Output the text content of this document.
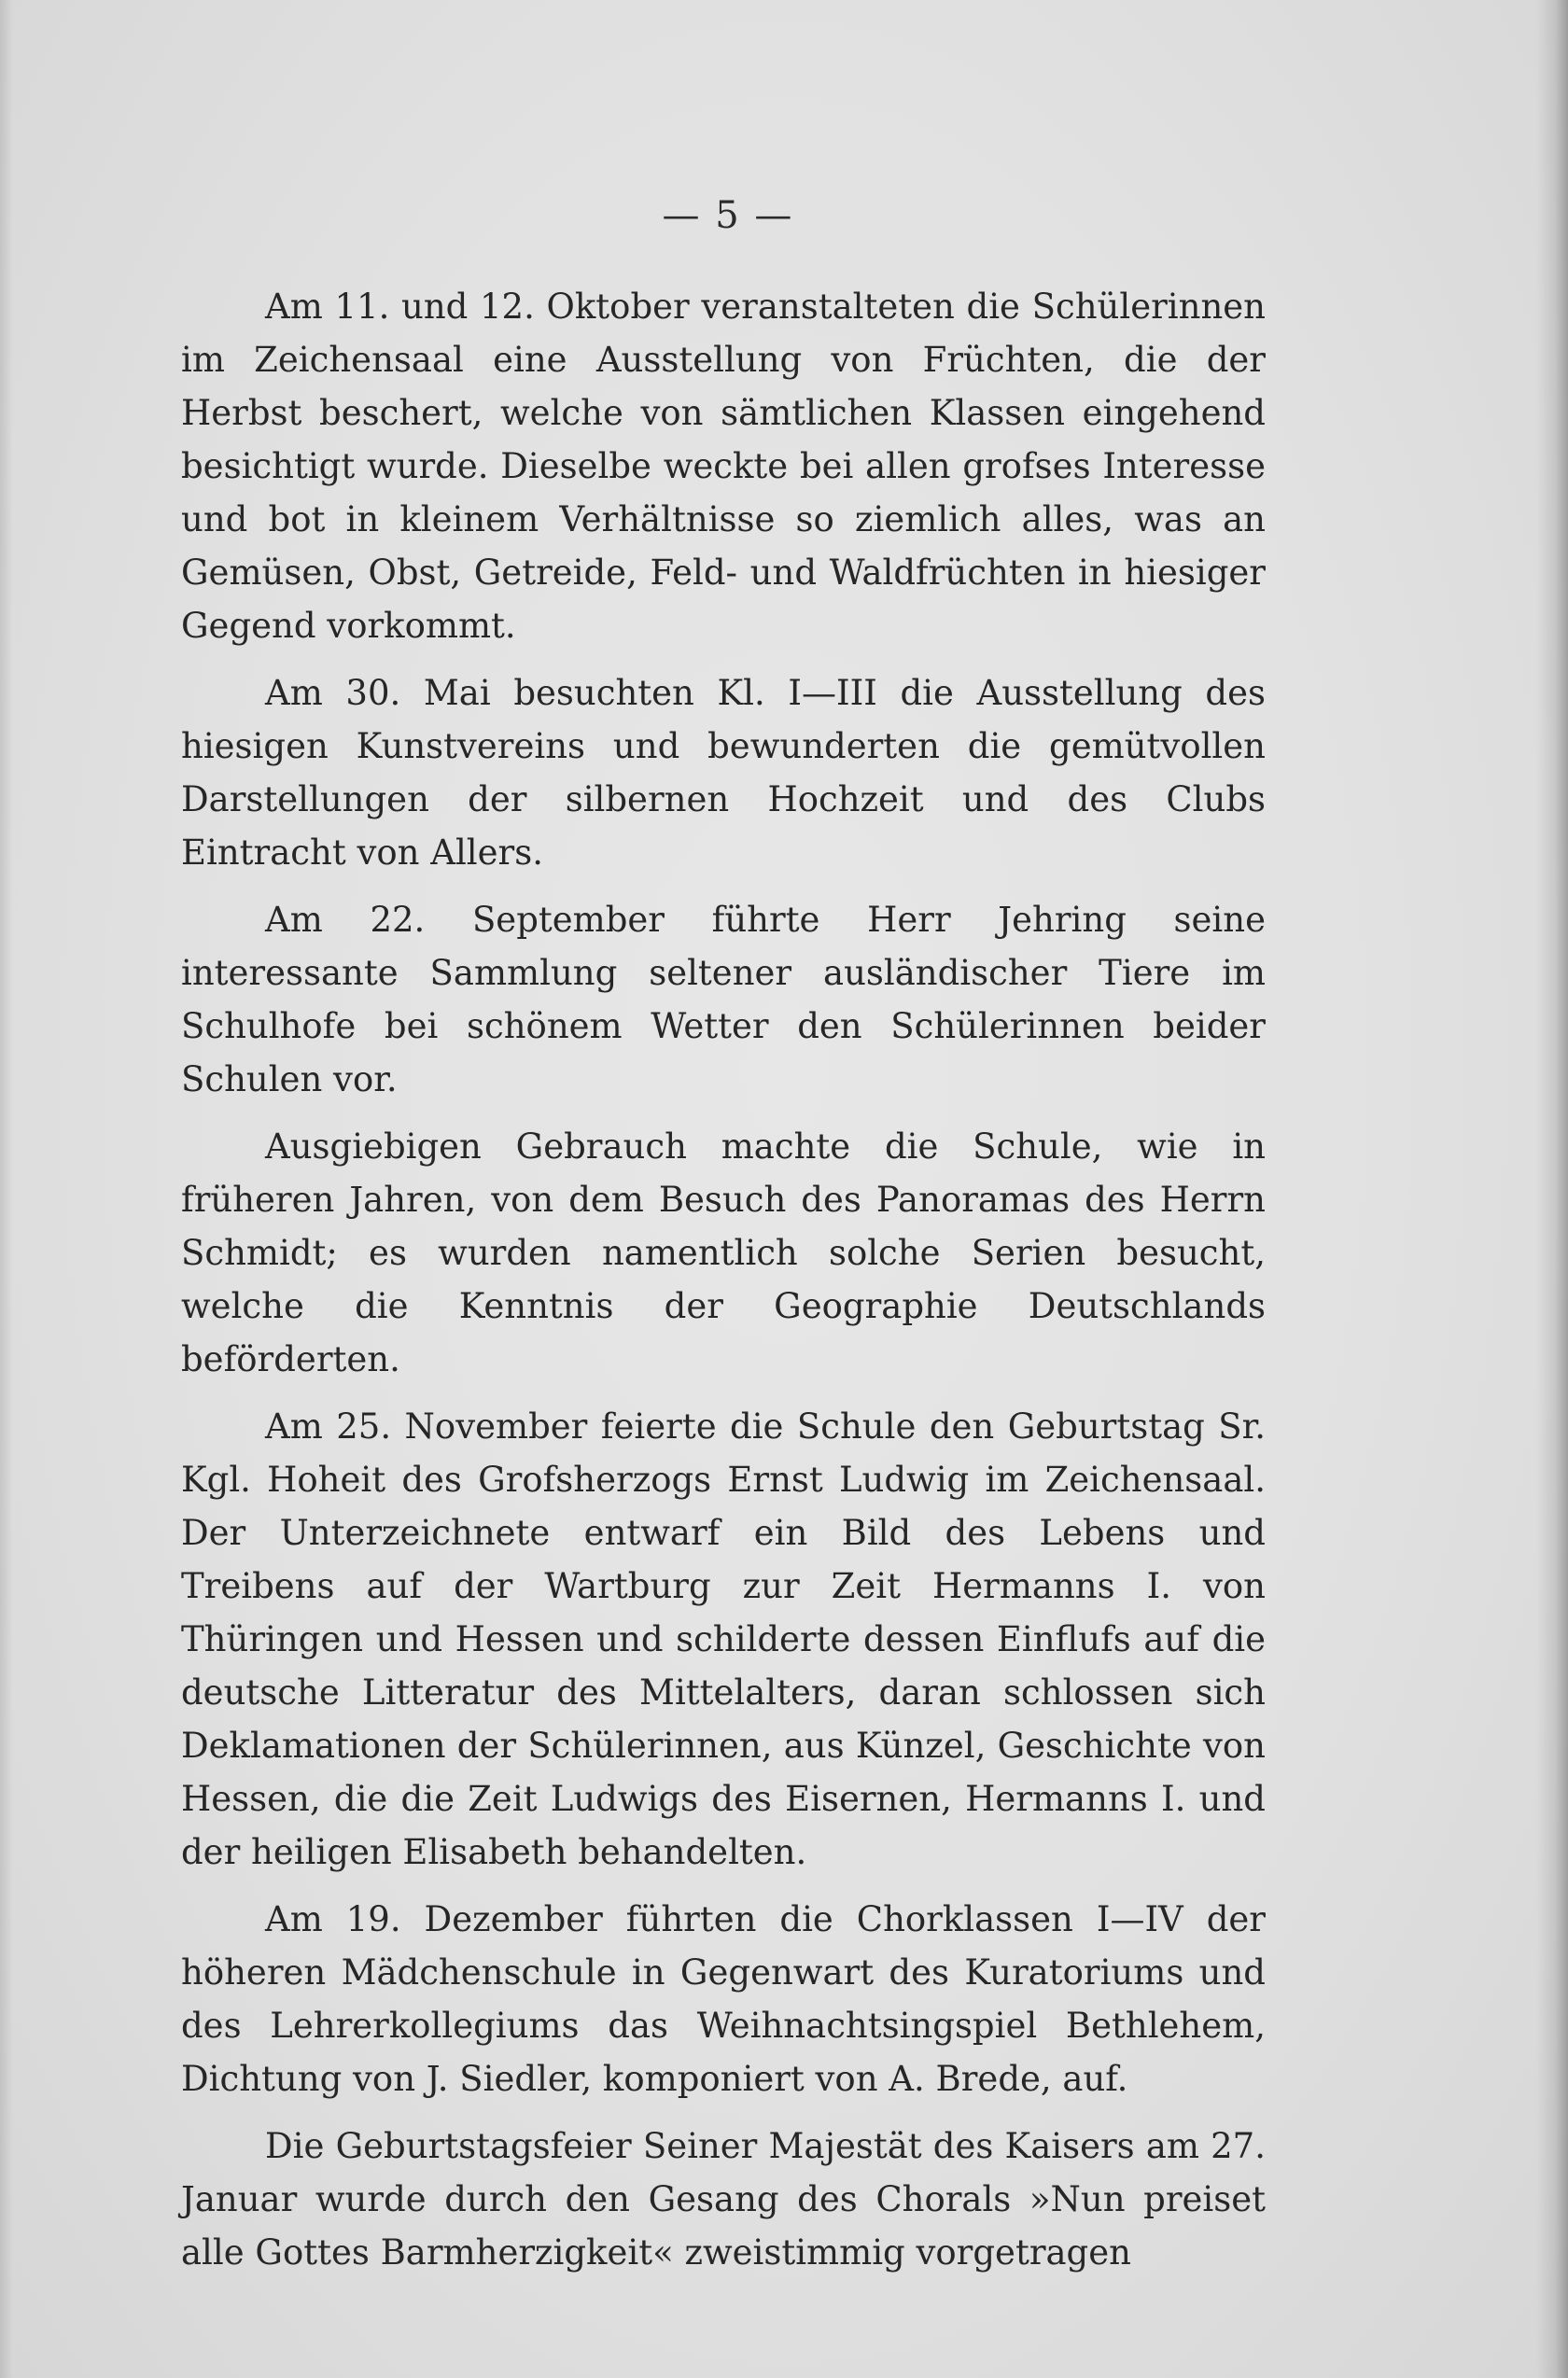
— 5 —

Am 11. und 12. Oktober veranstalteten die Schülerinnen im Zeichensaal eine Ausstellung von Früchten, die der Herbst beschert, welche von sämtlichen Klassen eingehend besichtigt wurde. Dieselbe weckte bei allen grofses Interesse und bot in kleinem Verhältnisse so ziemlich alles, was an Gemüsen, Obst, Getreide, Feld- und Waldfrüchten in hiesiger Gegend vorkommt.

Am 30. Mai besuchten Kl. I—III die Ausstellung des hiesigen Kunstvereins und bewunderten die gemütvollen Darstellungen der silbernen Hochzeit und des Clubs Eintracht von Allers.

Am 22. September führte Herr Jehring seine interessante Sammlung seltener ausländischer Tiere im Schulhofe bei schönem Wetter den Schülerinnen beider Schulen vor.

Ausgiebigen Gebrauch machte die Schule, wie in früheren Jahren, von dem Besuch des Panoramas des Herrn Schmidt; es wurden namentlich solche Serien besucht, welche die Kenntnis der Geographie Deutschlands beförderten.

Am 25. November feierte die Schule den Geburtstag Sr. Kgl. Hoheit des Grofsherzogs Ernst Ludwig im Zeichensaal. Der Unterzeichnete entwarf ein Bild des Lebens und Treibens auf der Wartburg zur Zeit Hermanns I. von Thüringen und Hessen und schilderte dessen Einflufs auf die deutsche Litteratur des Mittelalters, daran schlossen sich Deklamationen der Schülerinnen, aus Künzel, Geschichte von Hessen, die die Zeit Ludwigs des Eisernen, Hermanns I. und der heiligen Elisabeth behandelten.

Am 19. Dezember führten die Chorklassen I—IV der höheren Mädchenschule in Gegenwart des Kuratoriums und des Lehrerkollegiums das Weihnachtsingspiel Bethlehem, Dichtung von J. Siedler, komponiert von A. Brede, auf.

Die Geburtstagsfeier Seiner Majestät des Kaisers am 27. Januar wurde durch den Gesang des Chorals »Nun preiset alle Gottes Barmherzigkeit« zweistimmig vorgetragen
